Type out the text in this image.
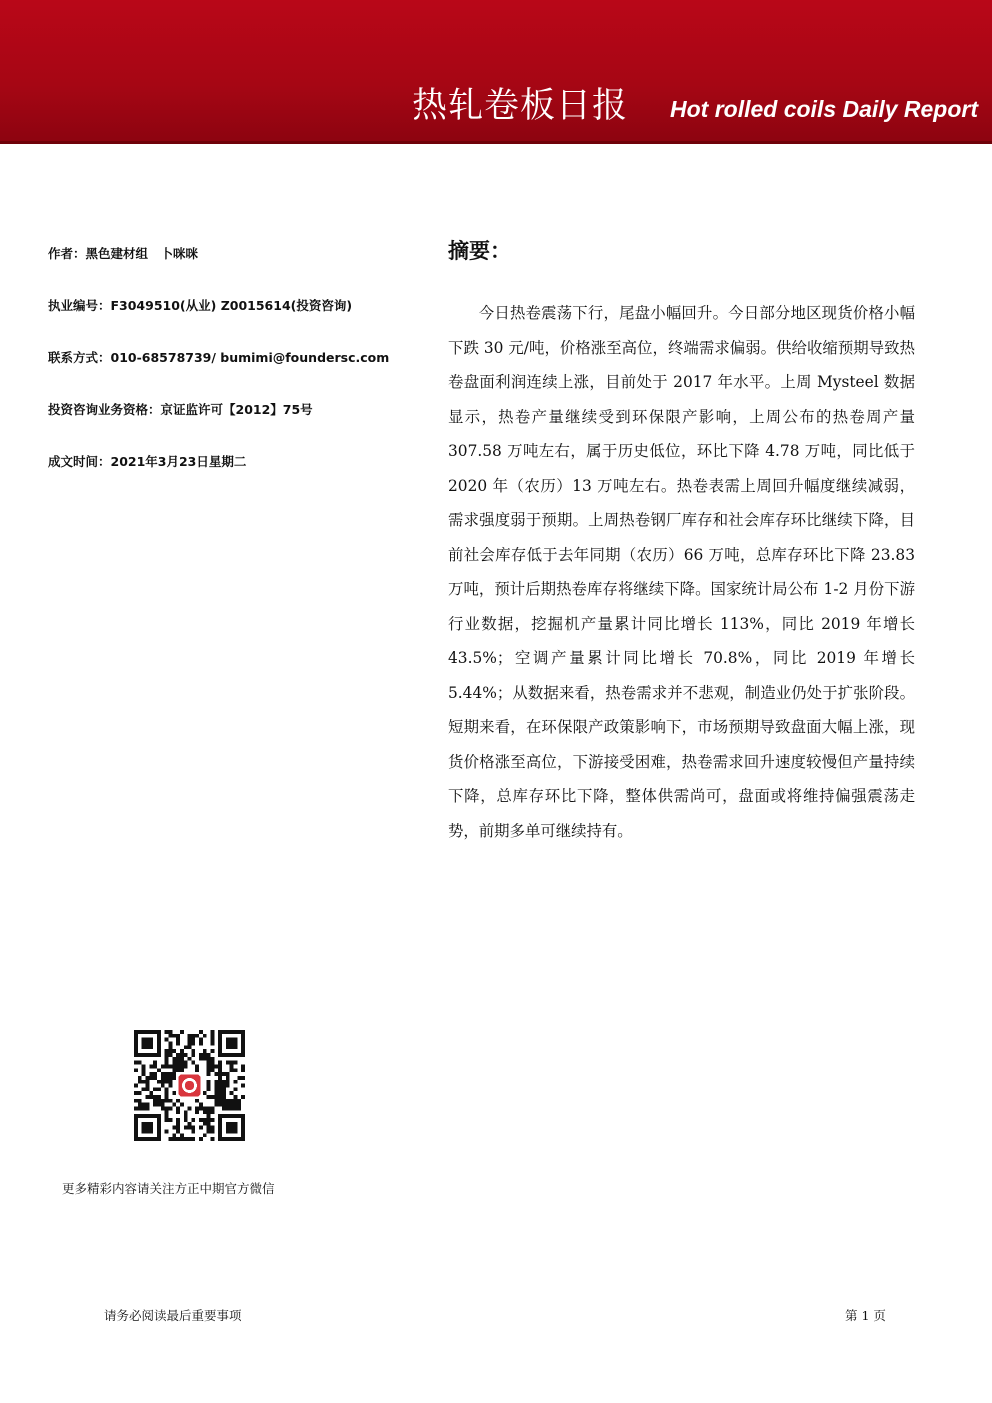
热轧卷板日报 Hot rolled coils Daily Report
作者：黑色建材组　卜咪咪
执业编号：F3049510(从业) Z0015614(投资咨询)
联系方式：010-68578739/ bumimi@foundersc.com
投资咨询业务资格：京证监许可【2012】75号
成文时间：2021年3月23日星期二
摘要：
今日热卷震荡下行，尾盘小幅回升。今日部分地区现货价格小幅下跌 30 元/吨，价格涨至高位，终端需求偏弱。供给收缩预期导致热卷盘面利润连续上涨，目前处于 2017 年水平。上周 Mysteel 数据显示，热卷产量继续受到环保限产影响，上周公布的热卷周产量 307.58 万吨左右，属于历史低位，环比下降 4.78 万吨，同比低于 2020 年（农历）13 万吨左右。热卷表需上周回升幅度继续减弱，需求强度弱于预期。上周热卷钢厂库存和社会库存环比继续下降，目前社会库存低于去年同期（农历）66 万吨，总库存环比下降 23.83 万吨，预计后期热卷库存将继续下降。国家统计局公布 1-2 月份下游行业数据，挖掘机产量累计同比增长 113%，同比 2019 年增长 43.5%；空调产量累计同比增长 70.8%，同比 2019 年增长 5.44%；从数据来看，热卷需求并不悲观，制造业仍处于扩张阶段。短期来看，在环保限产政策影响下，市场预期导致盘面大幅上涨，现货价格涨至高位，下游接受困难，热卷需求回升速度较慢但产量持续下降，总库存环比下降，整体供需尚可，盘面或将维持偏强震荡走势，前期多单可继续持有。
更多精彩内容请关注方正中期官方微信
请务必阅读最后重要事项	第 1 页
